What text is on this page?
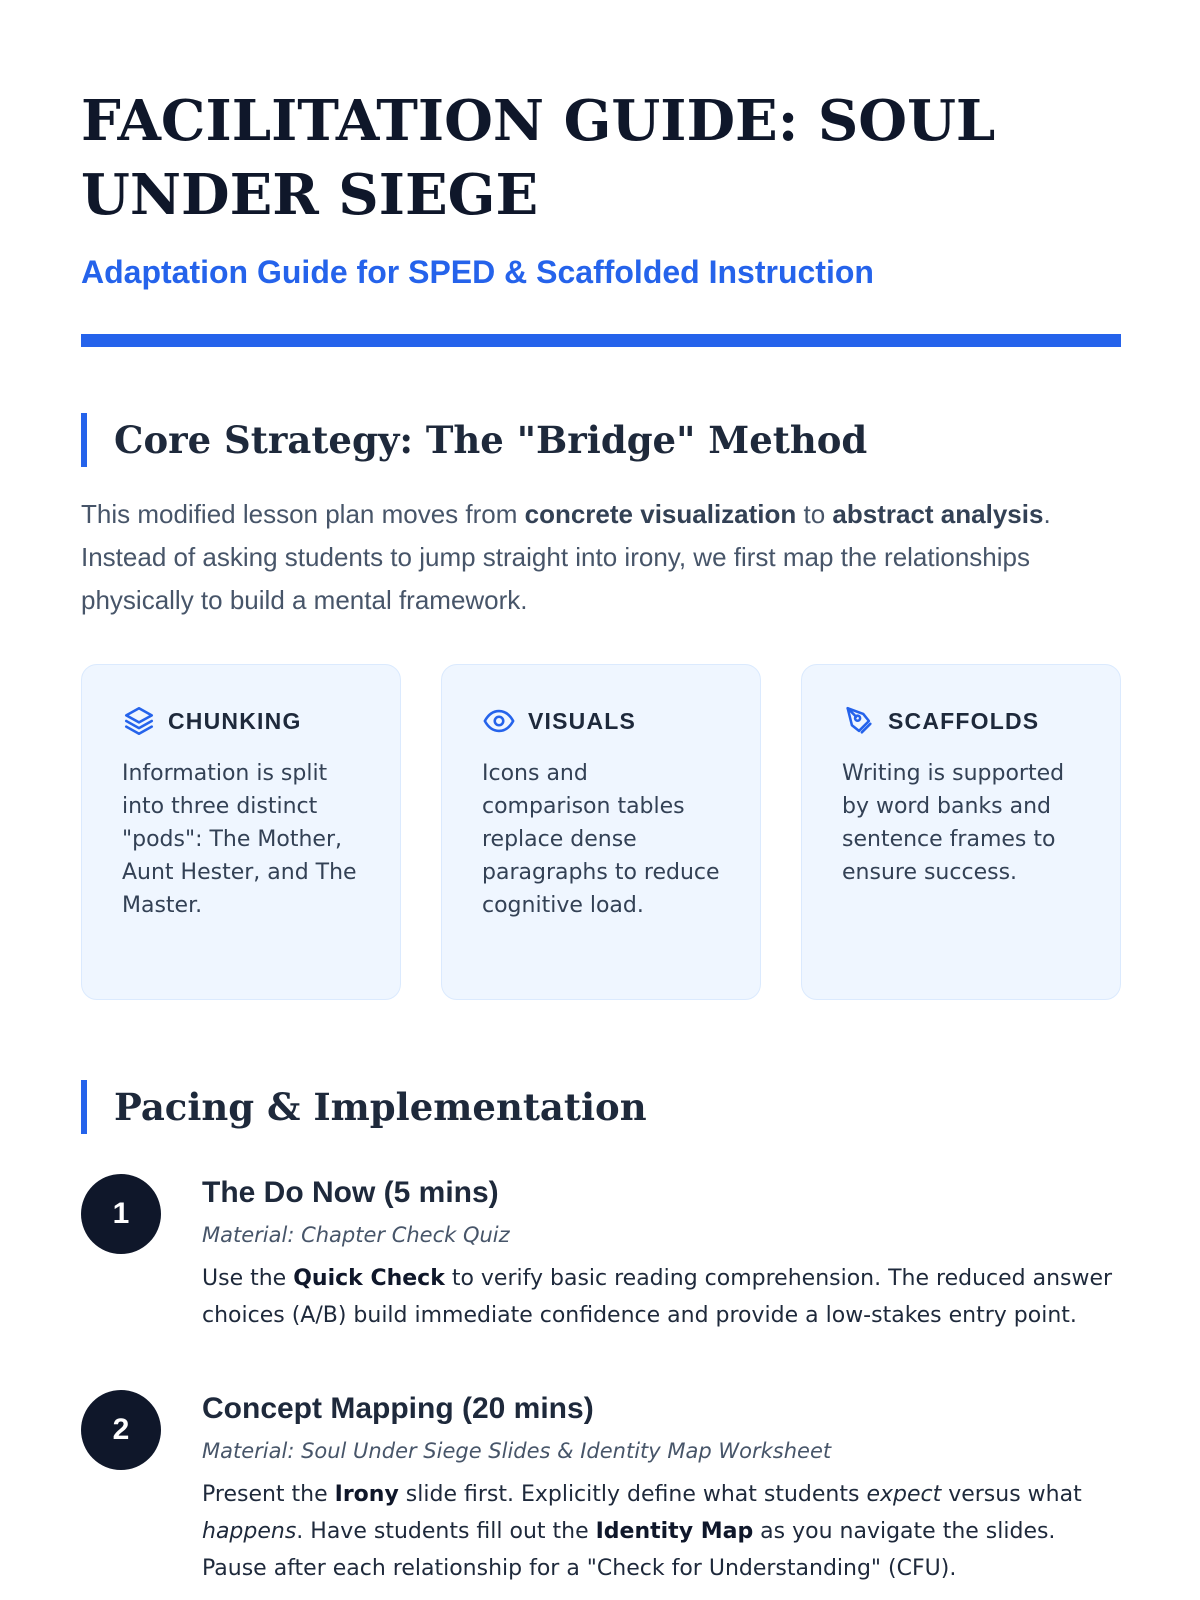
FACILITATION GUIDE: SOUL UNDER SIEGE
Adaptation Guide for SPED & Scaffolded Instruction
Core Strategy: The "Bridge" Method

This modified lesson plan moves from concrete visualization to abstract analysis. Instead of asking students to jump straight into irony, we first map the relationships physically to build a mental framework.

CHUNKING
Information is split into three distinct "pods": The Mother, Aunt Hester, and The Master.
VISUALS
Icons and comparison tables replace dense paragraphs to reduce cognitive load.
SCAFFOLDS
Writing is supported by word banks and sentence frames to ensure success.
Pacing & Implementation
1
The Do Now (5 mins)
Material: Chapter Check Quiz
Use the Quick Check to verify basic reading comprehension. The reduced answer choices (A/B) build immediate confidence and provide a low-stakes entry point.
2
Concept Mapping (20 mins)
Material: Soul Under Siege Slides & Identity Map Worksheet
Present the Irony slide first. Explicitly define what students expect versus what happens. Have students fill out the Identity Map as you navigate the slides. Pause after each relationship for a "Check for Understanding" (CFU).
